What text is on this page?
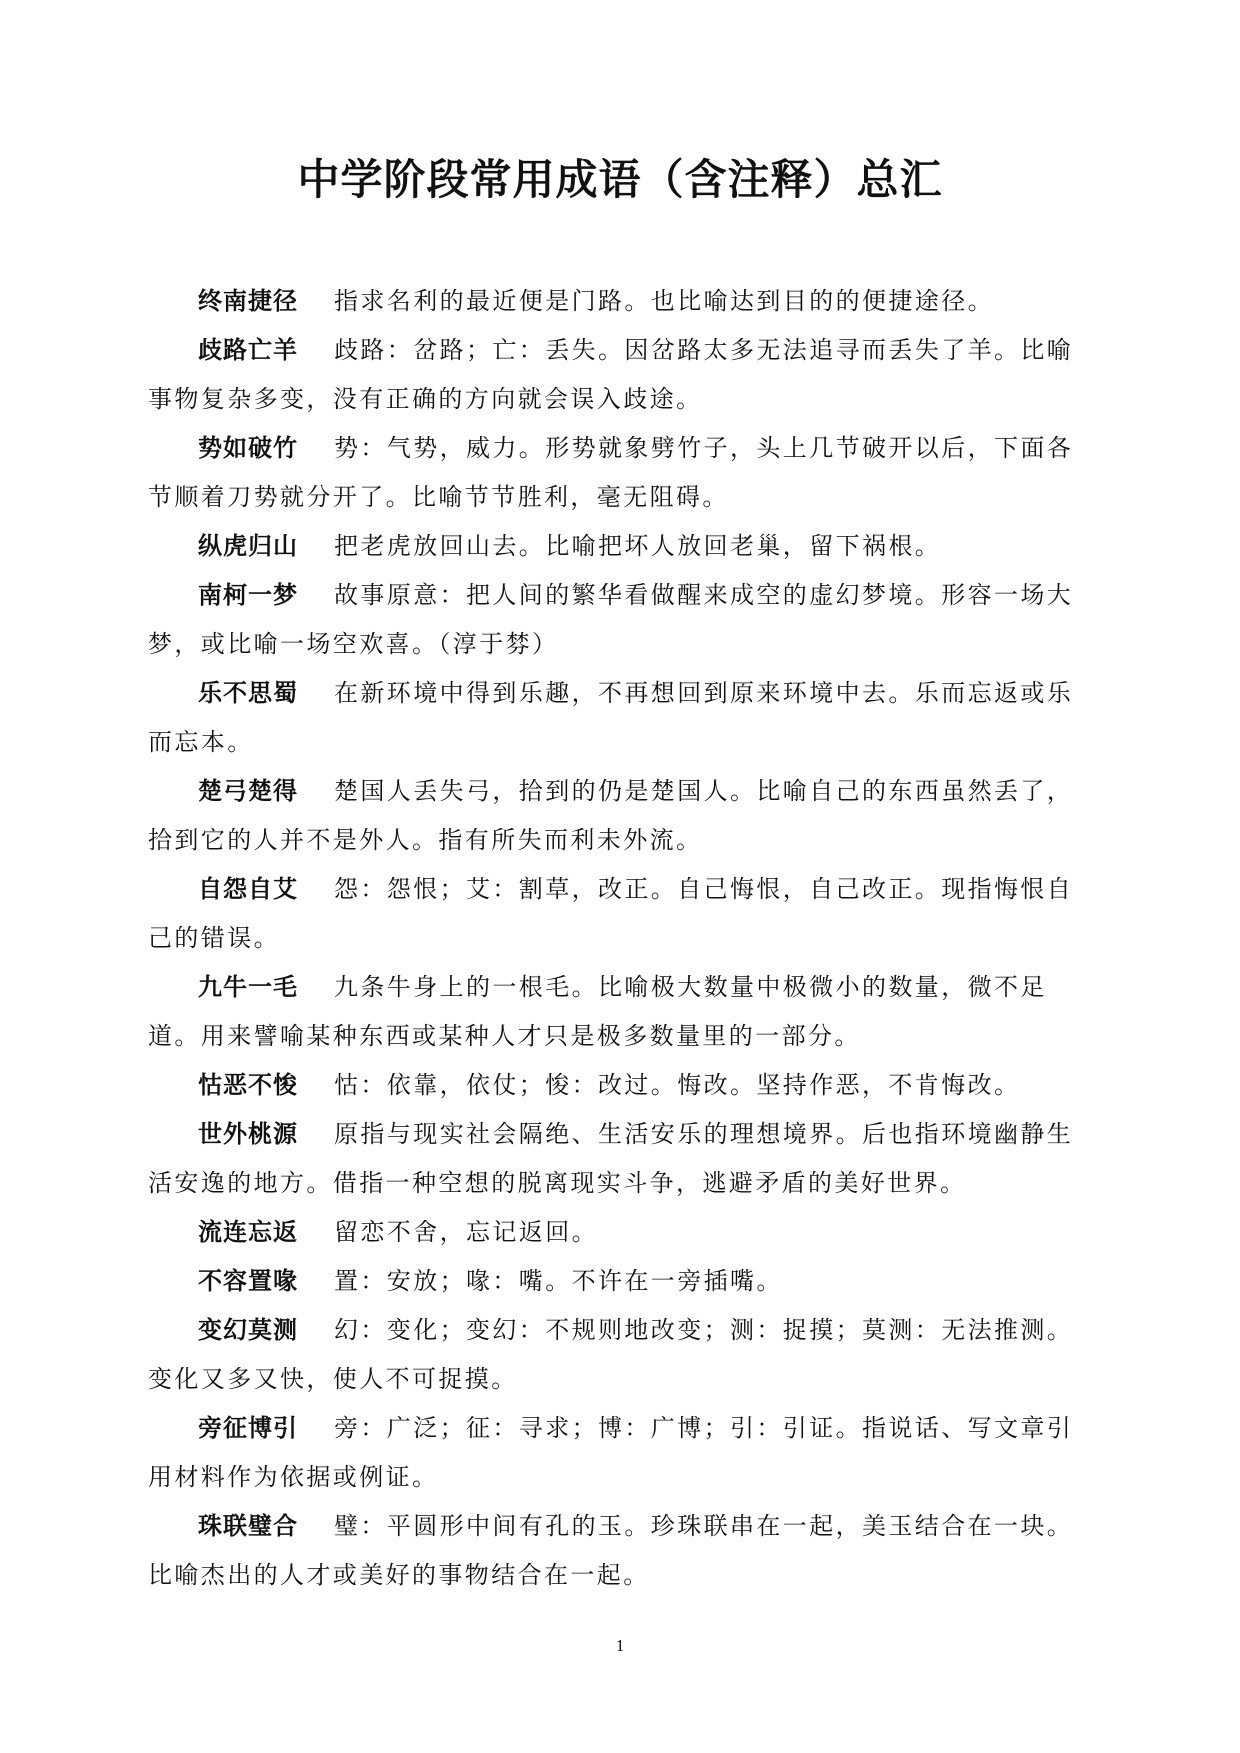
中学阶段常用成语（含注释）总汇
终南捷径 指求名利的最近便是门路。也比喻达到目的的便捷途径。
歧路亡羊 歧路：岔路；亡：丢失。因岔路太多无法追寻而丢失了羊。比喻事物复杂多变，没有正确的方向就会误入歧途。
势如破竹 势：气势，威力。形势就象劈竹子，头上几节破开以后，下面各节顺着刀势就分开了。比喻节节胜利，毫无阻碍。
纵虎归山 把老虎放回山去。比喻把坏人放回老巢，留下祸根。
南柯一梦 故事原意：把人间的繁华看做醒来成空的虚幻梦境。形容一场大梦，或比喻一场空欢喜。（淳于棼）
乐不思蜀 在新环境中得到乐趣，不再想回到原来环境中去。乐而忘返或乐而忘本。
楚弓楚得 楚国人丢失弓，拾到的仍是楚国人。比喻自己的东西虽然丢了，拾到它的人并不是外人。指有所失而利未外流。
自怨自艾 怨：怨恨；艾：割草，改正。自己悔恨，自己改正。现指悔恨自己的错误。
九牛一毛 九条牛身上的一根毛。比喻极大数量中极微小的数量，微不足道。用来譬喻某种东西或某种人才只是极多数量里的一部分。
怙恶不悛 怙：依靠，依仗；悛：改过。悔改。坚持作恶，不肯悔改。
世外桃源 原指与现实社会隔绝、生活安乐的理想境界。后也指环境幽静生活安逸的地方。借指一种空想的脱离现实斗争，逃避矛盾的美好世界。
流连忘返 留恋不舍，忘记返回。
不容置喙 置：安放；喙：嘴。不许在一旁插嘴。
变幻莫测 幻：变化；变幻：不规则地改变；测：捉摸；莫测：无法推测。变化又多又快，使人不可捉摸。
旁征博引 旁：广泛；征：寻求；博：广博；引：引证。指说话、写文章引用材料作为依据或例证。
珠联璧合 璧：平圆形中间有孔的玉。珍珠联串在一起，美玉结合在一块。比喻杰出的人才或美好的事物结合在一起。
1
